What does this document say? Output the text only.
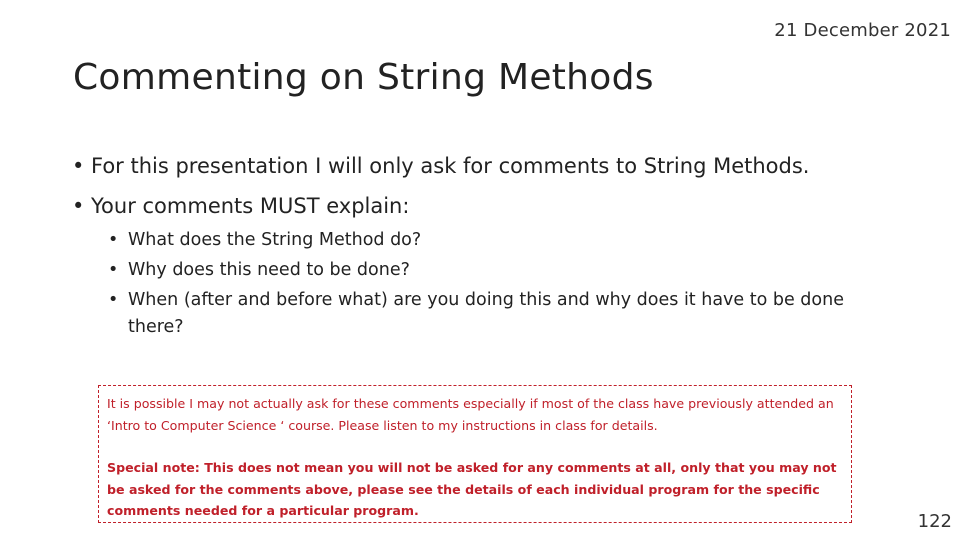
21 December 2021
Commenting on String Methods
• For this presentation I will only ask for comments to String Methods.
• Your comments MUST explain:
• What does the String Method do?
• Why does this need to be done?
• When (after and before what) are you doing this and why does it have to be done there?

It is possible I may not actually ask for these comments especially if most of the class have previously attended an ‘Intro to Computer Science ‘ course. Please listen to my instructions in class for details.

Special note: This does not mean you will not be asked for any comments at all, only that you may not be asked for the comments above, please see the details of each individual program for the specific comments needed for a particular program.

122
